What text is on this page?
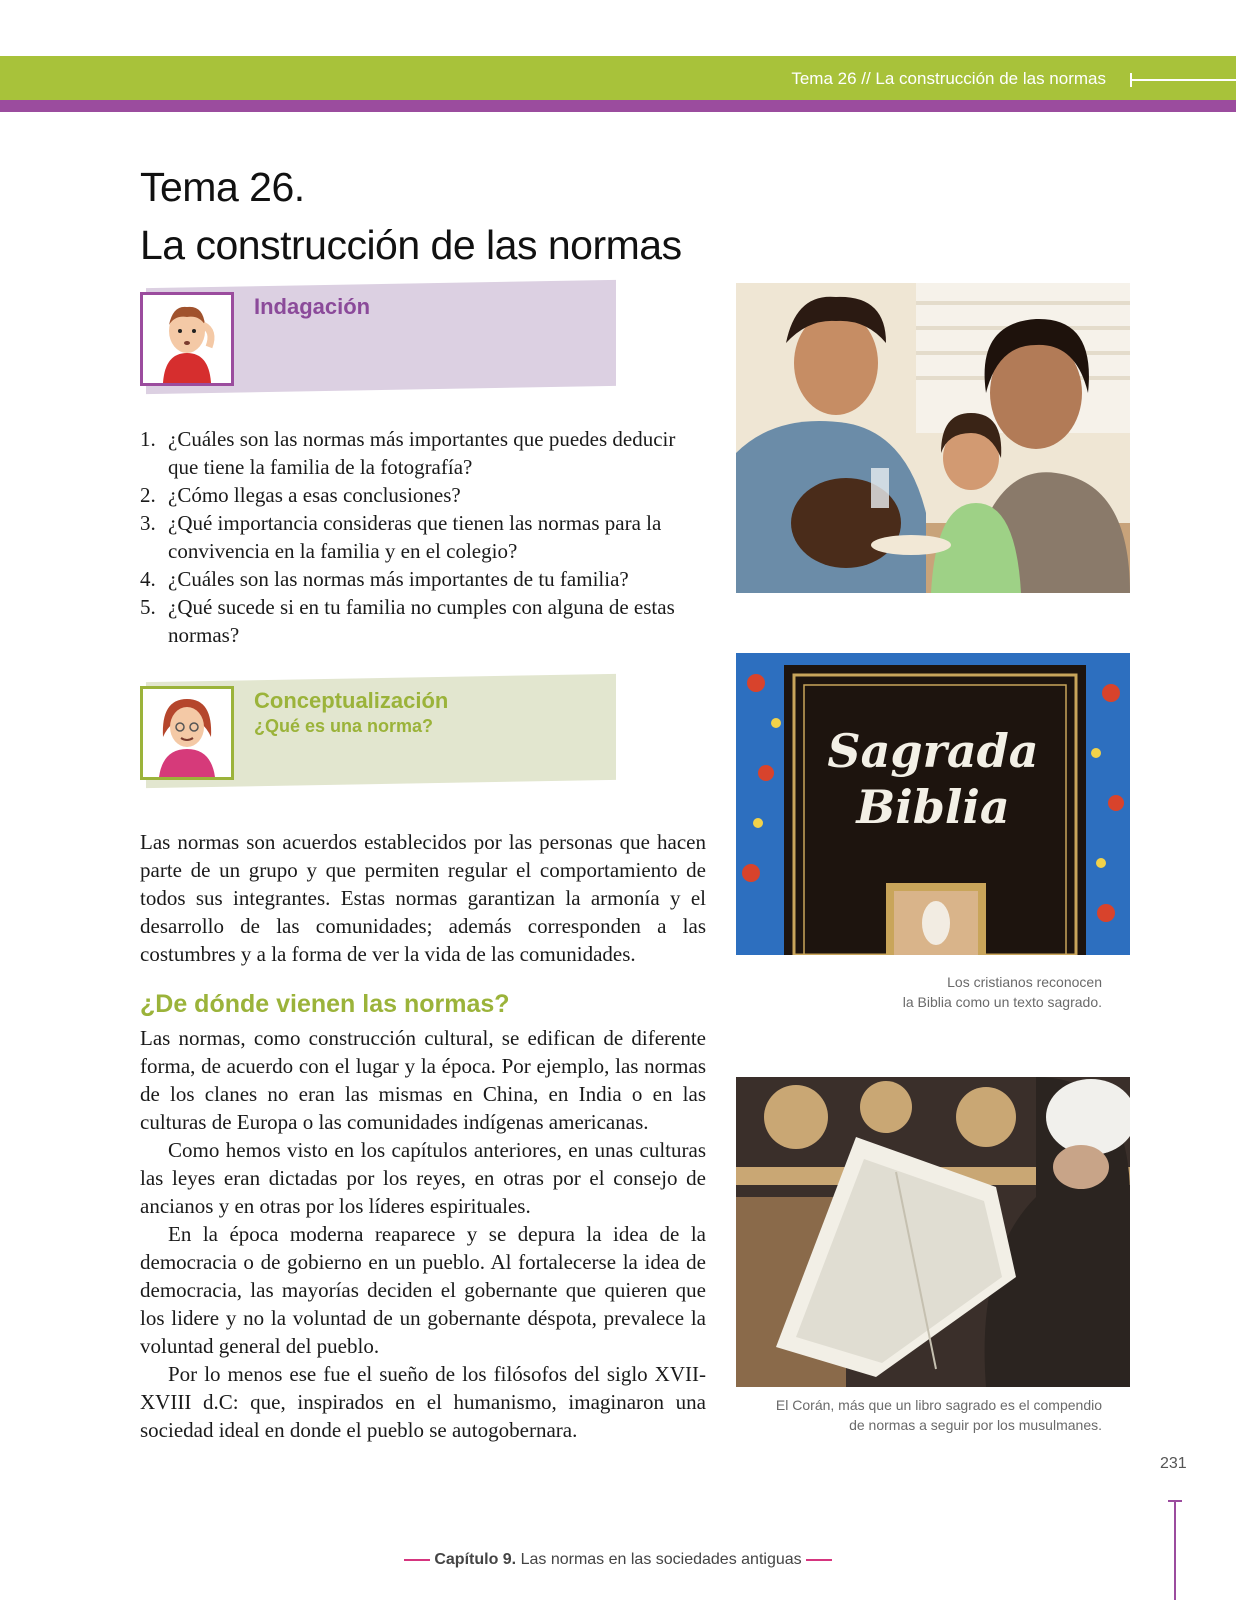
Tema 26 // La construcción de las normas
Tema 26.
La construcción de las normas
Indagación
1. ¿Cuáles son las normas más importantes que puedes deducir que tiene la familia de la fotografía?
2. ¿Cómo llegas a esas conclusiones?
3. ¿Qué importancia consideras que tienen las normas para la convivencia en la familia y en el colegio?
4. ¿Cuáles son las normas más importantes de tu familia?
5. ¿Qué sucede si en tu familia no cumples con alguna de estas normas?
Conceptualización
¿Qué es una norma?

Las normas son acuerdos establecidos por las personas que hacen parte de un grupo y que permiten regular el comportamiento de todos sus integrantes. Estas normas garantizan la armonía y el desarrollo de las comunidades; además corresponden a las costumbres y a la forma de ver la vida de las comunidades.

¿De dónde vienen las normas?
Las normas, como construcción cultural, se edifican de diferente forma, de acuerdo con el lugar y la época. Por ejemplo, las normas de los clanes no eran las mismas en China, en India o en las culturas de Europa o las comunidades indígenas americanas.
Como hemos visto en los capítulos anteriores, en unas culturas las leyes eran dictadas por los reyes, en otras por el consejo de ancianos y en otras por los líderes espirituales.
En la época moderna reaparece y se depura la idea de la democracia o de gobierno en un pueblo. Al fortalecerse la idea de democracia, las mayorías deciden el gobernante que quieren que los lidere y no la voluntad de un gobernante déspota, prevalece la voluntad general del pueblo.
Por lo menos ese fue el sueño de los filósofos del siglo XVII-XVIII d.C: que, inspirados en el humanismo, imaginaron una sociedad ideal en donde el pueblo se autogobernara.
Sagrada
Biblia
Los cristianos reconocen
la Biblia como un texto sagrado.
El Corán, más que un libro sagrado es el compendio
de normas a seguir por los musulmanes.
231
Capítulo 9. Las normas en las sociedades antiguas
